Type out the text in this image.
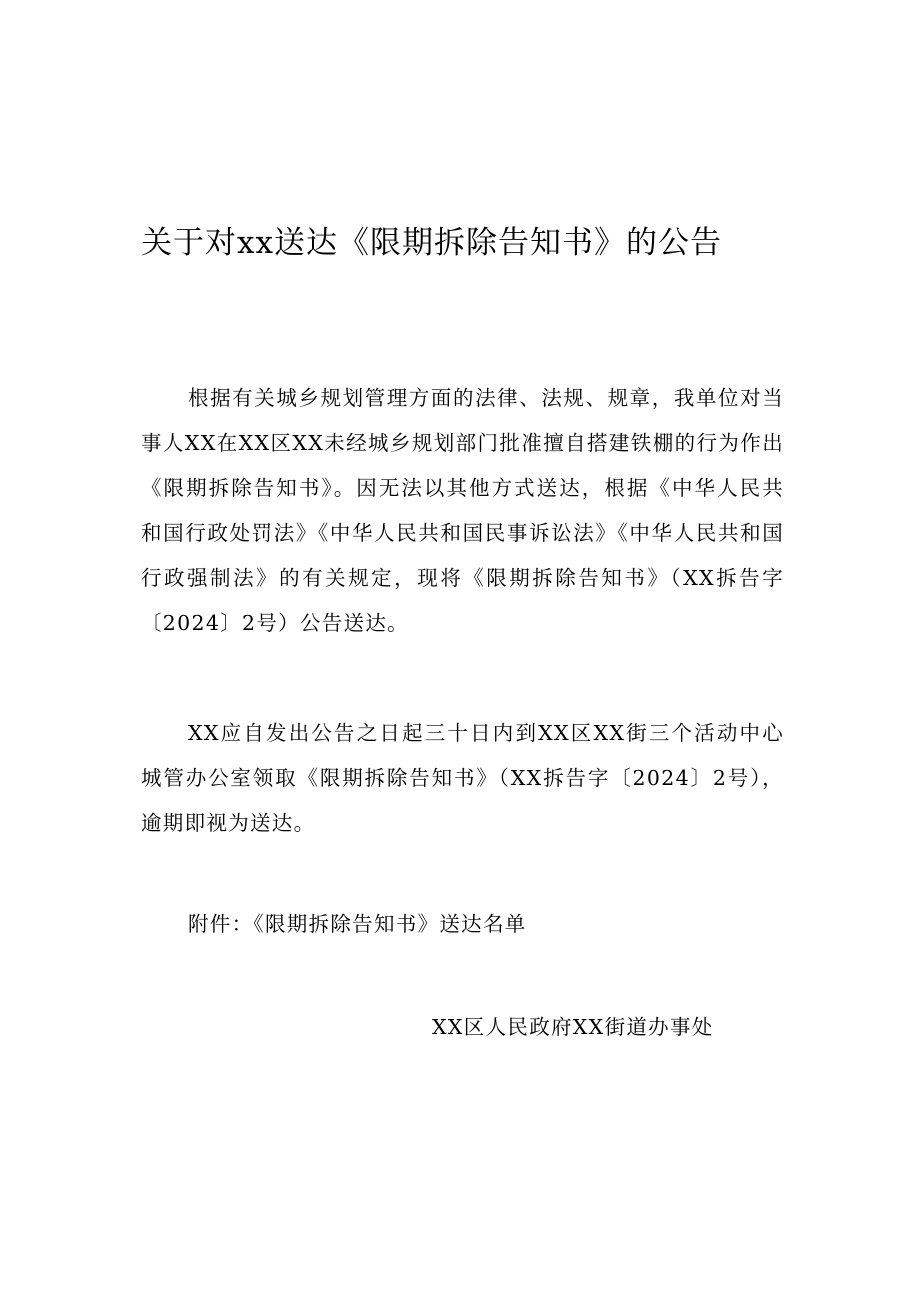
关于对xx送达《限期拆除告知书》的公告

根据有关城乡规划管理方面的法律、法规、规章，我单位对当事人XX在XX区XX未经城乡规划部门批准擅自搭建铁棚的行为作出《限期拆除告知书》。因无法以其他方式送达，根据《中华人民共和国行政处罚法》《中华人民共和国民事诉讼法》《中华人民共和国行政强制法》的有关规定，现将《限期拆除告知书》（XX拆告字〔2024〕2号）公告送达。

XX应自发出公告之日起三十日内到XX区XX街三个活动中心城管办公室领取《限期拆除告知书》（XX拆告字〔2024〕2号），逾期即视为送达。

附件：《限期拆除告知书》送达名单
XX区人民政府XX街道办事处
